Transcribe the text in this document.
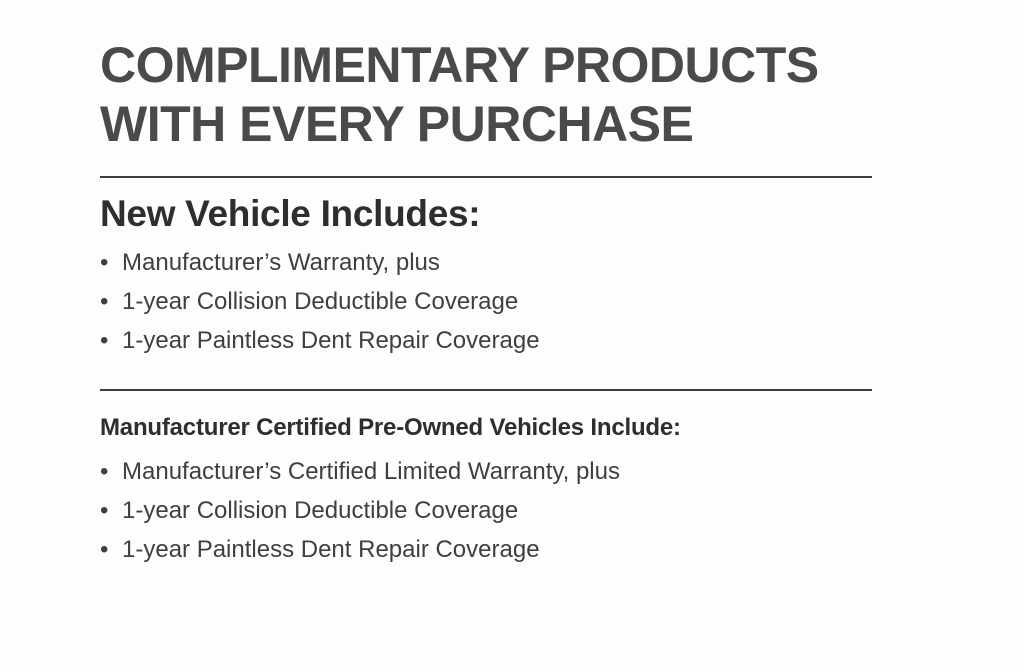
COMPLIMENTARY PRODUCTS
WITH EVERY PURCHASE
New Vehicle Includes:
• Manufacturer’s Warranty, plus
• 1-year Collision Deductible Coverage
• 1-year Paintless Dent Repair Coverage
Manufacturer Certified Pre-Owned Vehicles Include:
• Manufacturer’s Certified Limited Warranty, plus
• 1-year Collision Deductible Coverage
• 1-year Paintless Dent Repair Coverage
